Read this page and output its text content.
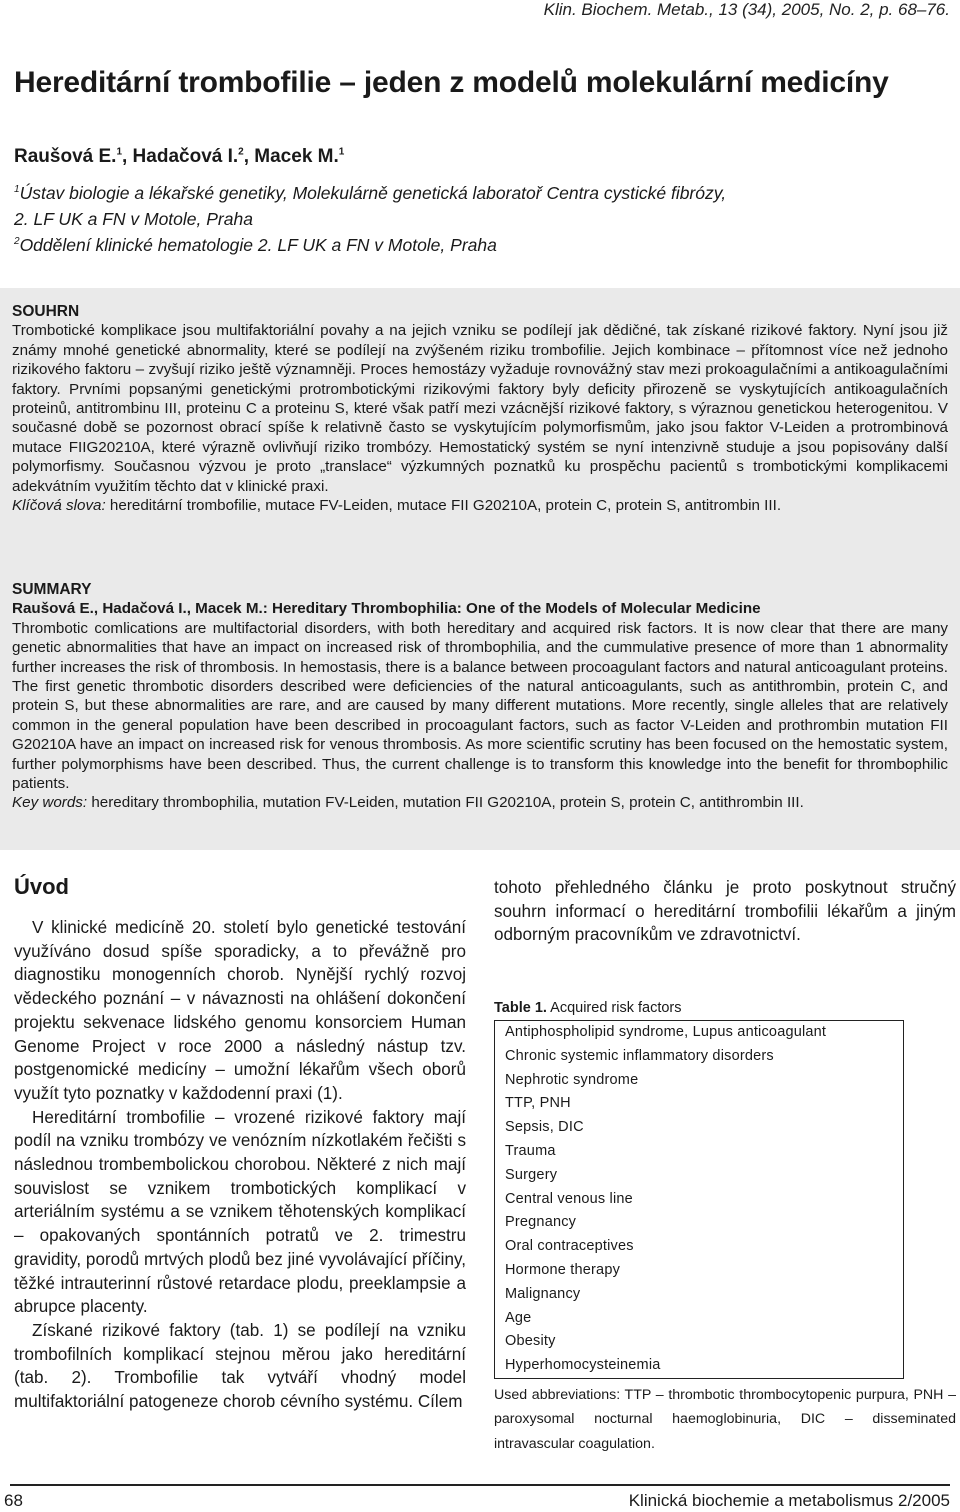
Klin. Biochem. Metab., 13 (34), 2005, No. 2, p. 68–76.
Hereditární trombofilie – jeden z modelů molekulární medicíny
Raušová E.$^1$, Hadačová I.$^2$, Macek M.$^1$
$^1$Ústav biologie a lékařské genetiky, Molekulárně genetická laboratoř Centra cystické fibrózy,
2. LF UK a FN v Motole, Praha
$^2$Oddělení klinické hematologie 2. LF UK a FN v Motole, Praha
SOUHRN

Trombotické komplikace jsou multifaktoriální povahy a na jejich vzniku se podílejí jak dědičné, tak získané rizikové faktory. Nyní jsou již známy mnohé genetické abnormality, které se podílejí na zvýšeném riziku trombofilie. Jejich kombinace – přítomnost více než jednoho rizikového faktoru – zvyšují riziko ještě významněji. Proces hemostázy vyžaduje rovnovážný stav mezi prokoagulačními a antikoagulačními faktory. Prvními popsanými genetickými protrombotickými rizikovými faktory byly deficity přirozeně se vyskytujících antikoagulačních proteinů, antitrombinu III, proteinu C a proteinu S, které však patří mezi vzácnější rizikové faktory, s výraznou genetickou heterogenitou. V současné době se pozornost obrací spíše k relativně často se vyskytujícím polymorfismům, jako jsou faktor V-Leiden a protrombinová mutace FIIG20210A, které výrazně ovlivňují riziko trombózy. Hemostatický systém se nyní intenzivně studuje a jsou popisovány další polymorfismy. Současnou výzvou je proto „translace“ výzkumných poznatků ku prospěchu pacientů s trombotickými komplikacemi adekvátním využitím těchto dat v klinické praxi.

Klíčová slova: hereditární trombofilie, mutace FV-Leiden, mutace FII G20210A, protein C, protein S, antitrombin III.

SUMMARY
Raušová E., Hadačová I., Macek M.: Hereditary Thrombophilia: One of the Models of Molecular Medicine

Thrombotic comlications are multifactorial disorders, with both hereditary and acquired risk factors. It is now clear that there are many genetic abnormalities that have an impact on increased risk of thrombophilia, and the cummulative presence of more than 1 abnormality further increases the risk of thrombosis. In hemostasis, there is a balance between procoagulant factors and natural anticoagulant proteins. The first genetic thrombotic disorders described were deficiencies of the natural anticoagulants, such as antithrombin, protein C, and protein S, but these abnormalities are rare, and are caused by many different mutations. More recently, single alleles that are relatively common in the general population have been described in procoagulant factors, such as factor V-Leiden and prothrombin mutation FII G20210A have an impact on increased risk for venous thrombosis. As more scientific scrutiny has been focused on the hemostatic system, further polymorphisms have been described. Thus, the current challenge is to transform this knowledge into the benefit for thrombophilic patients.

Key words: hereditary thrombophilia, mutation FV-Leiden, mutation FII G20210A, protein S, protein C, antithrombin III.

Úvod

V klinické medicíně 20. století bylo genetické testování využíváno dosud spíše sporadicky, a to převážně pro diagnostiku monogenních chorob. Nynější rychlý rozvoj vědeckého poznání – v návaznosti na ohlášení dokončení projektu sekvenace lidského genomu konsorciem Human Genome Project v roce 2000 a následný nástup tzv. postgenomické medicíny – umožní lékařům všech oborů využít tyto poznatky v každodenní praxi (1).

Hereditární trombofilie – vrozené rizikové faktory mají podíl na vzniku trombózy ve venózním nízkotlakém řečišti s následnou trombembolickou chorobou. Některé z nich mají souvislost se vznikem trombotických komplikací v arteriálním systému a se vznikem těhotenských komplikací – opakovaných spontánních potratů ve 2. trimestru gravidity, porodů mrtvých plodů bez jiné vyvolávající příčiny, těžké intrauterinní růstové retardace plodu, preeklampsie a abrupce placenty.

Získané rizikové faktory (tab. 1) se podílejí na vzniku trombofilních komplikací stejnou měrou jako hereditární (tab. 2). Trombofilie tak vytváří vhodný model multifaktoriální patogeneze chorob cévního systému. Cílem

tohoto přehledného článku je proto poskytnout stručný souhrn informací o hereditární trombofilii lékařům a jiným odborným pracovníkům ve zdravotnictví.

Table 1. Acquired risk factors
Antiphospholipid syndrome, Lupus anticoagulant
Chronic systemic inflammatory disorders
Nephrotic syndrome
TTP, PNH
Sepsis, DIC
Trauma
Surgery
Central venous line
Pregnancy
Oral contraceptives
Hormone therapy
Malignancy
Age
Obesity
Hyperhomocysteinemia
Used abbreviations: TTP – thrombotic thrombocytopenic purpura, PNH – paroxysomal nocturnal haemoglobinuria, DIC – disseminated intravascular coagulation.
68	Klinická biochemie a metabolismus 2/2005
